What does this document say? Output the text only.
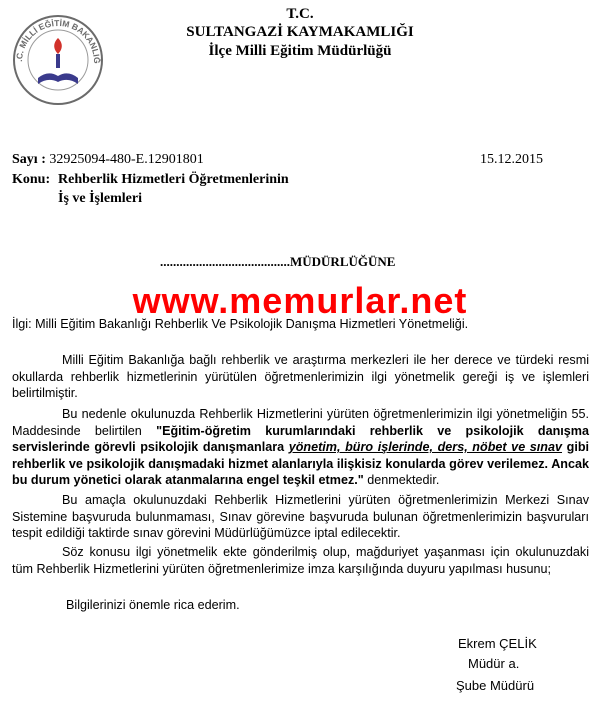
.C. MİLLİ EĞİTİM BAKANLIĞ
T.C.
SULTANGAZİ KAYMAKAMLIĞI
İlçe Milli Eğitim Müdürlüğü
Sayı : 32925094-480-E.12901801	15.12.2015
Konu: Rehberlik Hizmetleri Öğretmenlerinin
İş ve İşlemleri
........................................MÜDÜRLÜĞÜNE
www.memurlar.net
İlgi: Milli Eğitim Bakanlığı Rehberlik Ve Psikolojik Danışma Hizmetleri Yönetmeliği.
Milli Eğitim Bakanlığa bağlı rehberlik ve araştırma merkezleri ile her derece ve türdeki resmi okullarda rehberlik hizmetlerinin yürütülen öğretmenlerimizin ilgi yönetmelik gereği iş ve işlemleri belirtilmiştir.
Bu nedenle okulunuzda Rehberlik Hizmetlerini yürüten öğretmenlerimizin ilgi yönetmeliğin 55. Maddesinde belirtilen "Eğitim-öğretim kurumlarındaki rehberlik ve psikolojik danışma servislerinde görevli psikolojik danışmanlara yönetim, büro işlerinde, ders, nöbet ve sınav gibi rehberlik ve psikolojik danışmadaki hizmet alanlarıyla ilişkisiz konularda görev verilemez. Ancak bu durum yönetici olarak atanmalarına engel teşkil etmez." denmektedir.
Bu amaçla okulunuzdaki Rehberlik Hizmetlerini yürüten öğretmenlerimizin Merkezi Sınav Sistemine başvuruda bulunmaması, Sınav görevine başvuruda bulunan öğretmenlerimizin başvuruları tespit edildiği taktirde sınav görevini Müdürlüğümüzce iptal edilecektir.
Söz konusu ilgi yönetmelik ekte gönderilmiş olup, mağduriyet yaşanması için okulunuzdaki tüm Rehberlik Hizmetlerini yürüten öğretmenlerimize imza karşılığında duyuru yapılması husunu;
Bilgilerinizi önemle rica ederim.
Ekrem ÇELİK
Müdür a.
Şube Müdürü
